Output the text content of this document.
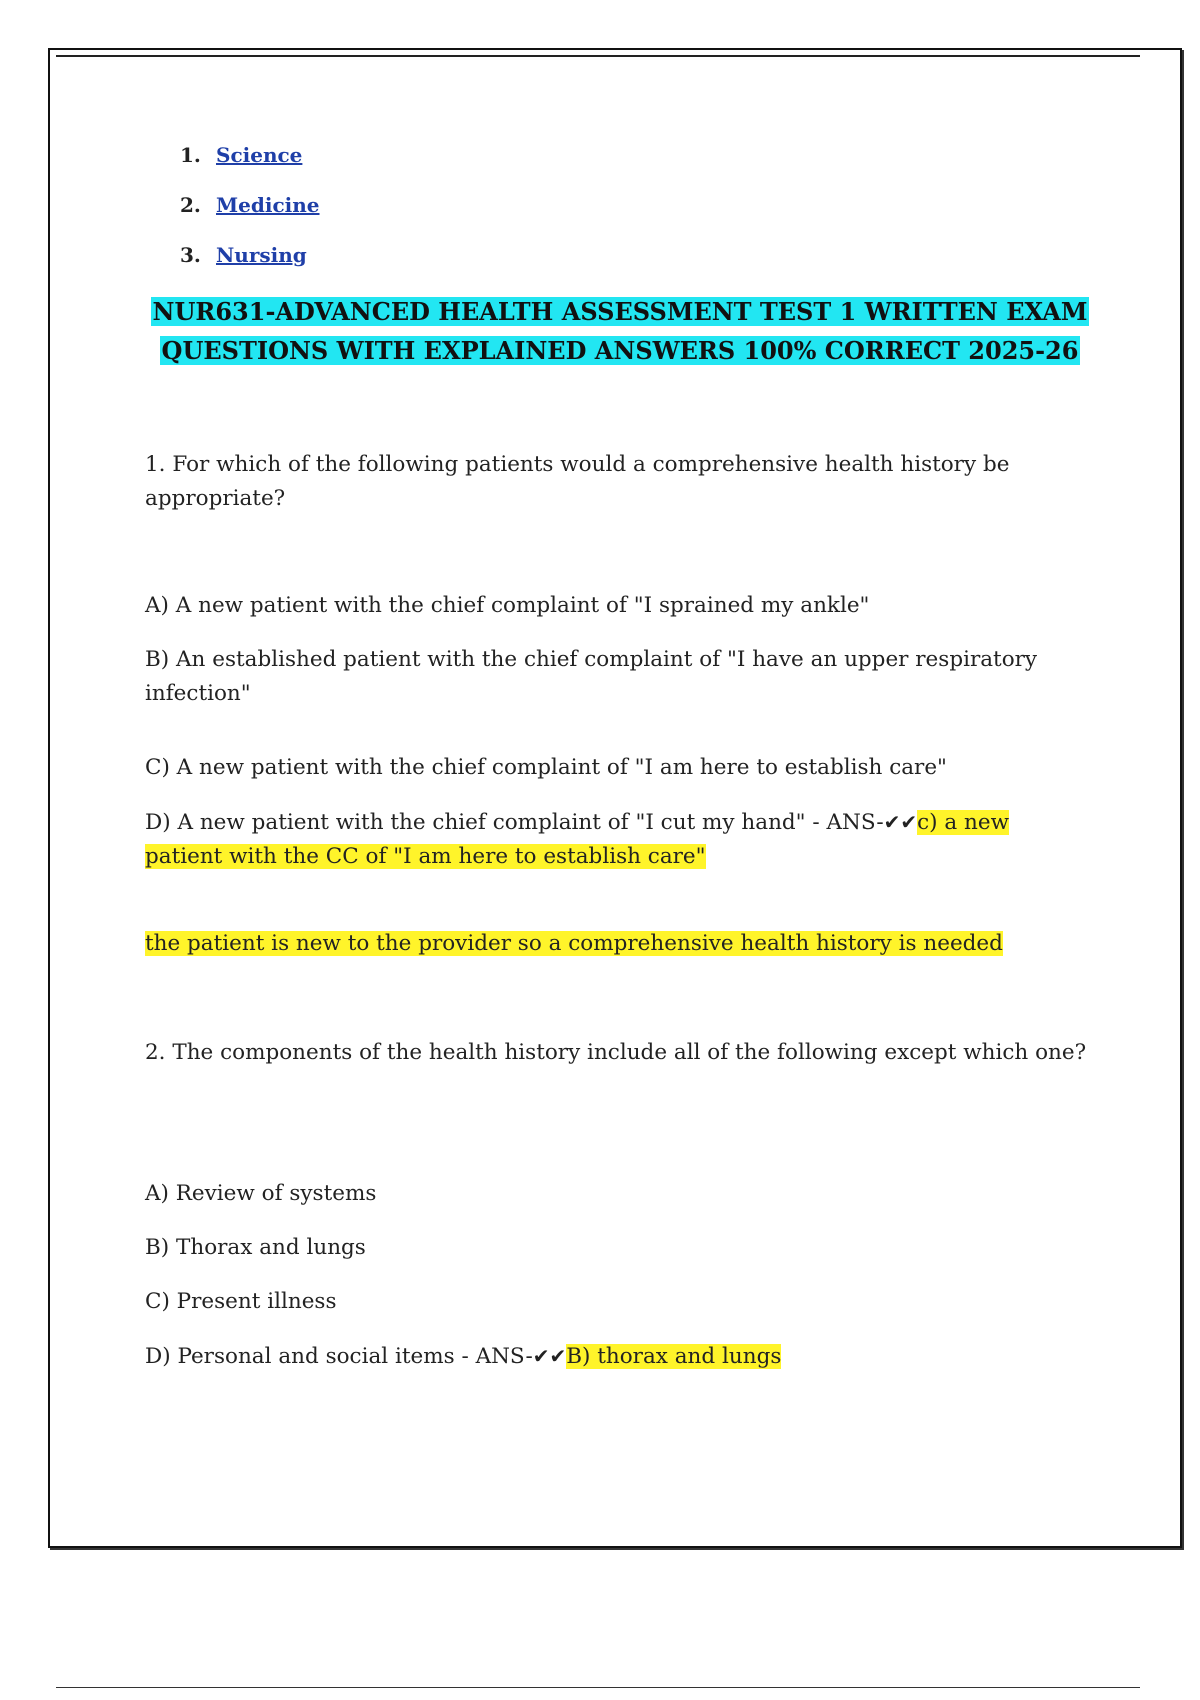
1. Science
2. Medicine
3. Nursing
NUR631-ADVANCED HEALTH ASSESSMENT TEST 1 WRITTEN EXAM
QUESTIONS WITH EXPLAINED ANSWERS 100% CORRECT 2025-26

1. For which of the following patients would a comprehensive health history be appropriate?

A) A new patient with the chief complaint of "I sprained my ankle"

B) An established patient with the chief complaint of "I have an upper respiratory infection"

C) A new patient with the chief complaint of "I am here to establish care"

D) A new patient with the chief complaint of "I cut my hand" - ANS-✔✔c) a new patient with the CC of "I am here to establish care"

the patient is new to the provider so a comprehensive health history is needed

2. The components of the health history include all of the following except which one?

A) Review of systems

B) Thorax and lungs

C) Present illness

D) Personal and social items - ANS-✔✔B) thorax and lungs
